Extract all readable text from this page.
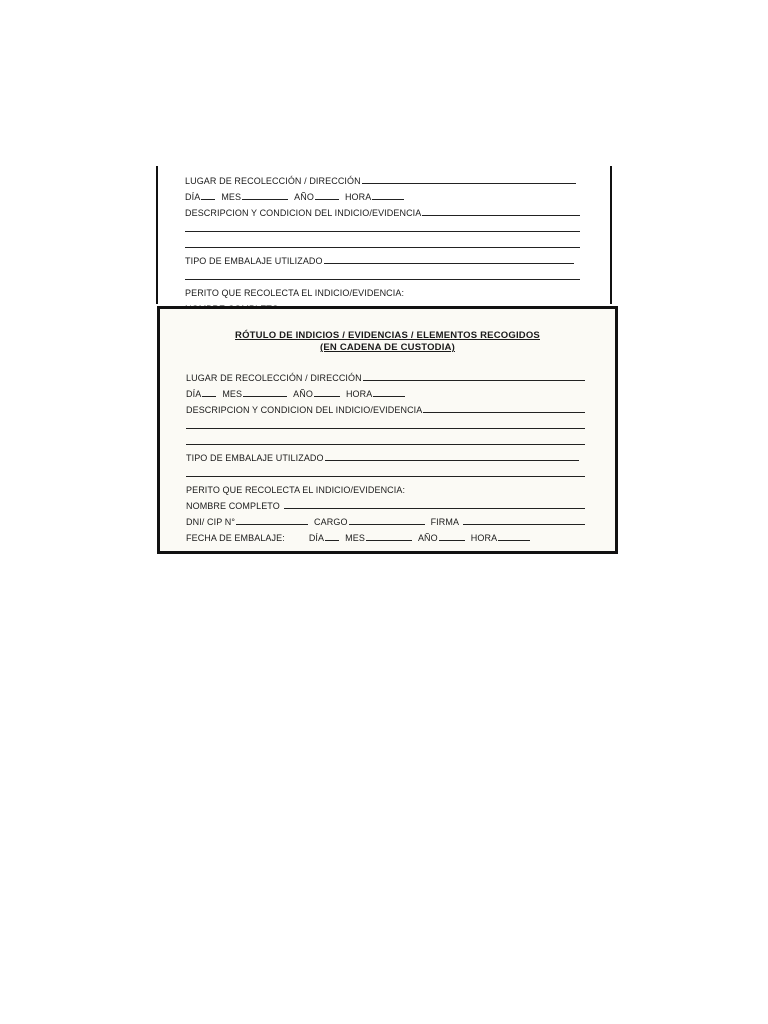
LUGAR DE RECOLECCIÓN / DIRECCIÓN
DÍA MES	AÑO	HORA
DESCRIPCION Y CONDICION DEL INDICIO/EVIDENCIA
TIPO DE EMBALAJE UTILIZADO
PERITO QUE RECOLECTA EL INDICIO/EVIDENCIA:
RÓTULO DE INDICIOS / EVIDENCIAS / ELEMENTOS RECOGIDOS
(EN CADENA DE CUSTODIA)
LUGAR DE RECOLECCIÓN / DIRECCIÓN
DÍA MES	AÑO	HORA
DESCRIPCION Y CONDICION DEL INDICIO/EVIDENCIA
TIPO DE EMBALAJE UTILIZADO
PERITO QUE RECOLECTA EL INDICIO/EVIDENCIA:
NOMBRE COMPLETO
DNI/ CIP N°	CARGO	FIRMA
FECHA DE EMBALAJE:	DÍA MES	AÑO	HORA
